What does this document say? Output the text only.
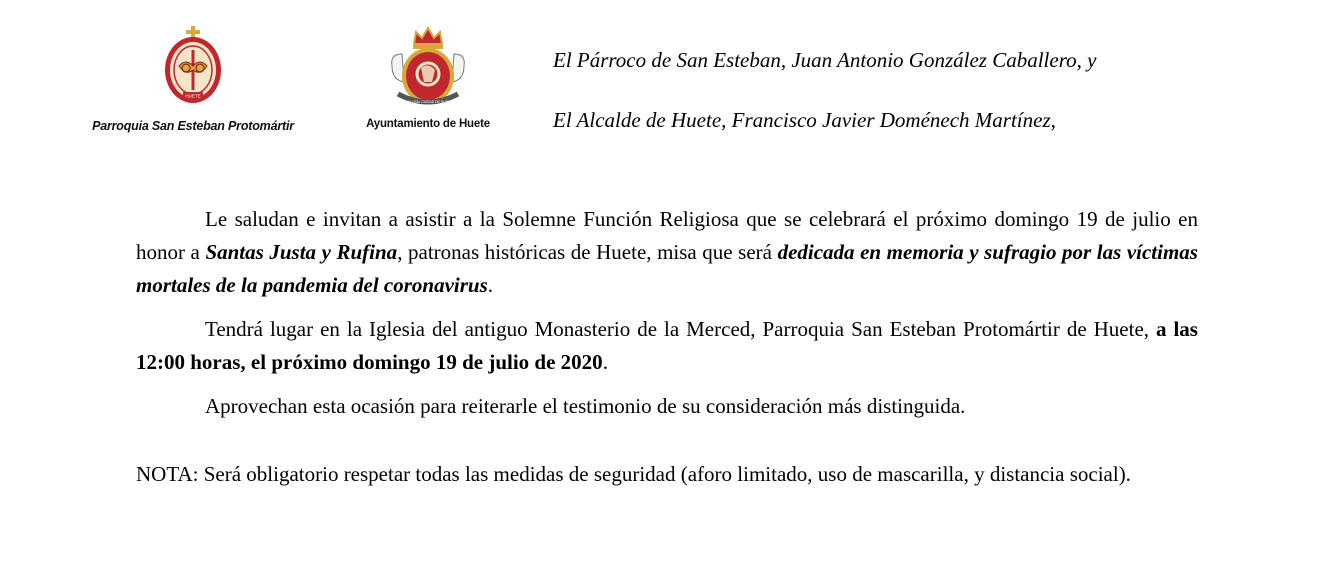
HUETE
Parroquia San Esteban Protomártir
MUY LEAL CIUDAD DE HUETE
Ayuntamiento de Huete
El Párroco de San Esteban, Juan Antonio González Caballero, y
El Alcalde de Huete, Francisco Javier Doménech Martínez,

Le saludan e invitan a asistir a la Solemne Función Religiosa que se celebrará el próximo domingo 19 de julio en honor a Santas Justa y Rufina, patronas históricas de Huete, misa que será dedicada en memoria y sufragio por las víctimas mortales de la pandemia del coronavirus.

Tendrá lugar en la Iglesia del antiguo Monasterio de la Merced, Parroquia San Esteban Protomártir de Huete, a las 12:00 horas, el próximo domingo 19 de julio de 2020.

Aprovechan esta ocasión para reiterarle el testimonio de su consideración más distinguida.

NOTA: Será obligatorio respetar todas las medidas de seguridad (aforo limitado, uso de mascarilla, y distancia social).
